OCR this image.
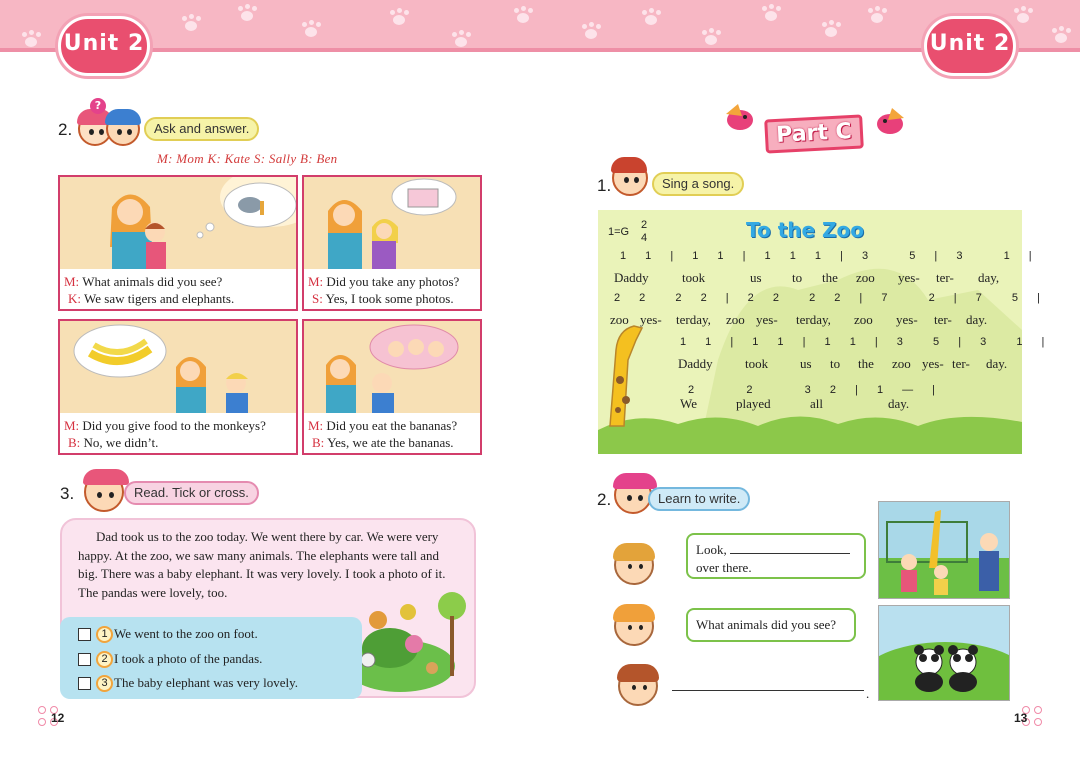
Unit 2	Unit 2
2.
?
Ask and answer.
M: Mom K: Kate S: Sally B: Ben
M: What animals did you see?
K: We saw tigers and elephants.
M: Did you take any photos?
S: Yes, I took some photos.
M: Did you give food to the monkeys?
B: No, we didn’t.
M: Did you eat the bananas?
B: Yes, we ate the bananas.
3.	Read. Tick or cross.
Dad took us to the zoo today. We went there by car. We were very happy. At the zoo, we saw many animals. The elephants were tall and big. There was a baby elephant. It was very lovely. I took a photo of it. The pandas were lovely, too.
1 We went to the zoo on foot.
2 I took a photo of the pandas.
3 The baby elephant was very lovely.
12
Part C
1.	Sing a song.
1=G
2
4	To the Zoo
1 1 | 1 1 | 1 1 1 | 3   5 | 3   1 |
2 2  2 2 | 2 2  2 2 | 7   2 | 7  5 |
1 1 | 1 1 | 1 1 | 3  5 | 3  1 |
2    2    3 2 | 1 — |
Daddy	took	us to the zoo yes- ter- day,
zoo yes- terday, zoo yes- terday, zoo yes- ter- day.
Daddy took us to the zoo yes- ter- day.
We	played	all	day.
2.	Learn to write.
Look,
over there.
What animals did you see?
.
13
